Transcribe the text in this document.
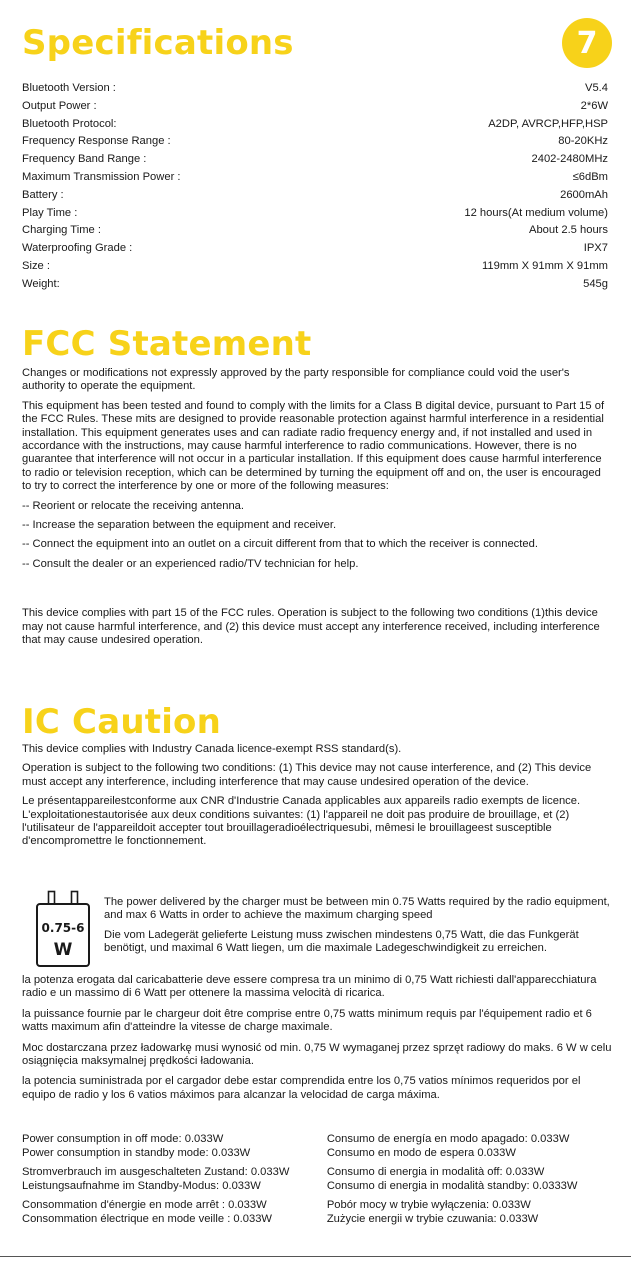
Specifications	7
Bluetooth Version :	V5.4
Output Power :	2*6W
Bluetooth Protocol:	A2DP, AVRCP,HFP,HSP
Frequency Response Range :	80-20KHz
Frequency Band Range :	2402-2480MHz
Maximum Transmission Power :	≤6dBm
Battery :	2600mAh
Play Time :	12 hours(At medium volume)
Charging Time :	About 2.5 hours
Waterproofing Grade :	IPX7
Size :	119mm X 91mm X 91mm
Weight:	545g
FCC Statement

Changes or modifications not expressly approved by the party responsible for compliance could void the user's authority to operate the equipment.

This equipment has been tested and found to comply with the limits for a Class B digital device, pursuant to Part 15 of the FCC Rules. These mits are designed to provide reasonable protection against harmful interference in a residential installation. This equipment generates uses and can radiate radio frequency energy and, if not installed and used in accordance with the instructions, may cause harmful interference to radio communications. However, there is no guarantee that interference will not occur in a particular installation. If this equipment does cause harmful interference to radio or television reception, which can be determined by turning the equipment off and on, the user is encouraged to try to correct the interference by one or more of the following measures:

-- Reorient or relocate the receiving antenna.

-- Increase the separation between the equipment and receiver.

-- Connect the equipment into an outlet on a circuit different from that to which the receiver is connected.

-- Consult the dealer or an experienced radio/TV technician for help.

This device complies with part 15 of the FCC rules. Operation is subject to the following two conditions (1)this device may not cause harmful interference, and (2) this device must accept any interference received, including interference that may cause undesired operation.

IC Caution

This device complies with Industry Canada licence-exempt RSS standard(s).

Operation is subject to the following two conditions: (1) This device may not cause interference, and (2) This device must accept any interference, including interference that may cause undesired operation of the device.

Le présentappareilestconforme aux CNR d'Industrie Canada applicables aux appareils radio exempts de licence. L'exploitationestautorisée aux deux conditions suivantes: (1) l'appareil ne doit pas produire de brouillage, et (2) l'utilisateur de l'appareildoit accepter tout brouillageradioélectriquesubi, mêmesi le brouillageest susceptible d'encompromettre le fonctionnement.

0.75-6
W

The power delivered by the charger must be between min 0.75 Watts required by the radio equipment, and max 6 Watts in order to achieve the maximum charging speed

Die vom Ladegerät gelieferte Leistung muss zwischen mindestens 0,75 Watt, die das Funkgerät benötigt, und maximal 6 Watt liegen, um die maximale Ladegeschwindigkeit zu erreichen.

la potenza erogata dal caricabatterie deve essere compresa tra un minimo di 0,75 Watt richiesti dall'apparecchiatura radio e un massimo di 6 Watt per ottenere la massima velocità di ricarica.

la puissance fournie par le chargeur doit être comprise entre 0,75 watts minimum requis par l'équipement radio et 6 watts maximum afin d'atteindre la vitesse de charge maximale.

Moc dostarczana przez ładowarkę musi wynosić od min. 0,75 W wymaganej przez sprzęt radiowy do maks. 6 W w celu osiągnięcia maksymalnej prędkości ładowania.

la potencia suministrada por el cargador debe estar comprendida entre los 0,75 vatios mínimos requeridos por el equipo de radio y los 6 vatios máximos para alcanzar la velocidad de carga máxima.

Power consumption in off mode: 0.033W
Power consumption in standby mode: 0.033W
Stromverbrauch im ausgeschalteten Zustand: 0.033W
Leistungsaufnahme im Standby-Modus: 0.033W
Consommation d'énergie en mode arrêt : 0.033W
Consommation électrique en mode veille : 0.033W
Consumo de energía en modo apagado: 0.033W
Consumo en modo de espera 0.033W
Consumo di energia in modalità off: 0.033W
Consumo di energia in modalità standby: 0.0333W
Pobór mocy w trybie wyłączenia: 0.033W
Zużycie energii w trybie czuwania: 0.033W
